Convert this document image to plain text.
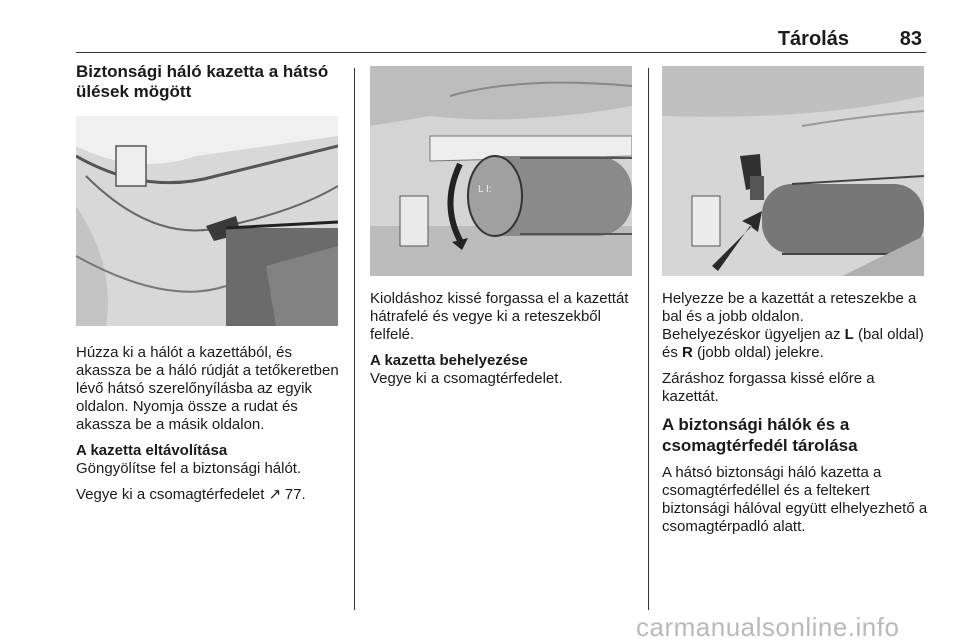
Tárolás	83
Biztonsági háló kazetta a hátsó ülések mögött

Húzza ki a hálót a kazettából, és akassza be a háló rúdját a tetőkeretben lévő hátsó szerelőnyílásba az egyik oldalon. Nyomja össze a rudat és akassza be a másik oldalon.

A kazetta eltávolítása

Göngyölítse fel a biztonsági hálót.

Vegye ki a csomagtérfedelet ↗ 77.

L I:

Kioldáshoz kissé forgassa el a kazettát hátrafelé és vegye ki a reteszekből felfelé.

A kazetta behelyezése

Vegye ki a csomagtérfedelet.

Helyezze be a kazettát a reteszekbe a bal és a jobb oldalon.

Behelyezéskor ügyeljen az L (bal oldal) és R (jobb oldal) jelekre.

Záráshoz forgassa kissé előre a kazettát.

A biztonsági hálók és a csomagtérfedél tárolása

A hátsó biztonsági háló kazetta a csomagtérfedéllel és a feltekert biztonsági hálóval együtt elhelyezhető a csomagtérpadló alatt.

carmanualsonline.info
